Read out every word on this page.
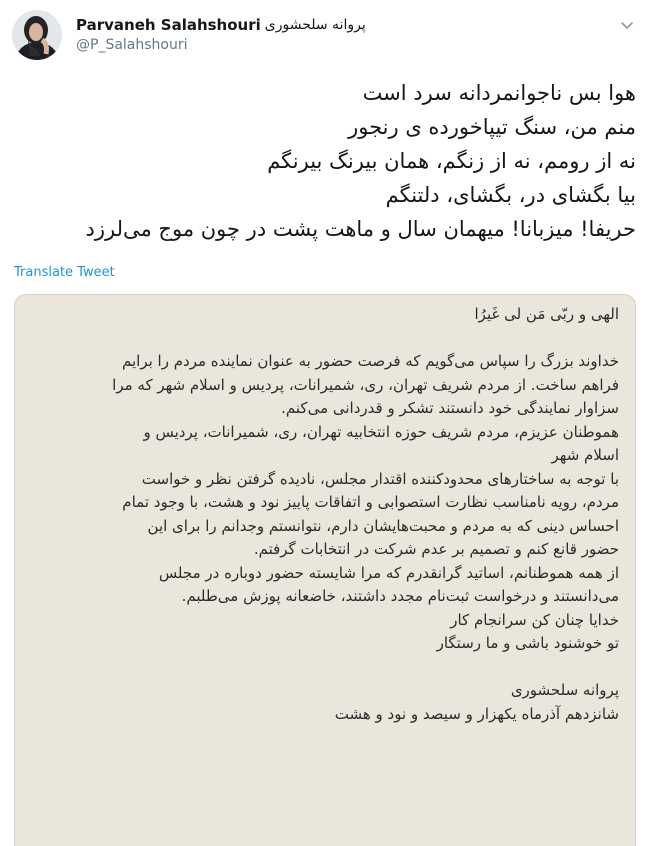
Parvaneh Salahshouri پروانه سلحشوری
@P_Salahshouri
هوا بس ناجوانمردانه سرد است
منم من، سنگ تیپاخورده ی رنجور
نه از رومم، نه از زنگم، همان بیرنگ بیرنگم
بیا بگشای در، بگشای، دلتنگم
حریفا! میزبانا! میهمان سال و ماهت پشت در چون موج می‌لرزد
Translate Tweet
الهی و ربّی مَن لی غَیرُا
خداوند بزرگ را سپاس می‌گویم که فرصت حضور به عنوان نماینده مردم را برایم
فراهم ساخت. از مردم شریف تهران، ری، شمیرانات، پردیس و اسلام شهر که مرا
سزاوار نمایندگی خود دانستند تشکر و قدردانی می‌کنم.
هموطنان عزیزم، مردم شریف حوزه انتخابیه تهران، ری، شمیرانات، پردیس و
اسلام شهر
با توجه به ساختارهای محدودکننده اقتدار مجلس، نادیده گرفتن نظر و خواست
مردم، رویه نامناسب نظارت استصوابی و اتفاقات پاییز نود و هشت، با وجود تمام
احساس دینی که به مردم و محبت‌هایشان دارم، نتوانستم وجدانم را برای این
حضور قانع کنم و تصمیم بر عدم شرکت در انتخابات گرفتم.
از همه هموطنانم، اساتید گرانقدرم که مرا شایسته حضور دوباره در مجلس
می‌دانستند و درخواست ثبت‌نام مجدد داشتند، خاضعانه پوزش می‌طلبم.
خدایا چنان کن سرانجام کار
تو خوشنود باشی و ما رستگار
پروانه سلحشوری
شانزدهم آذرماه یکهزار و سیصد و نود و هشت
